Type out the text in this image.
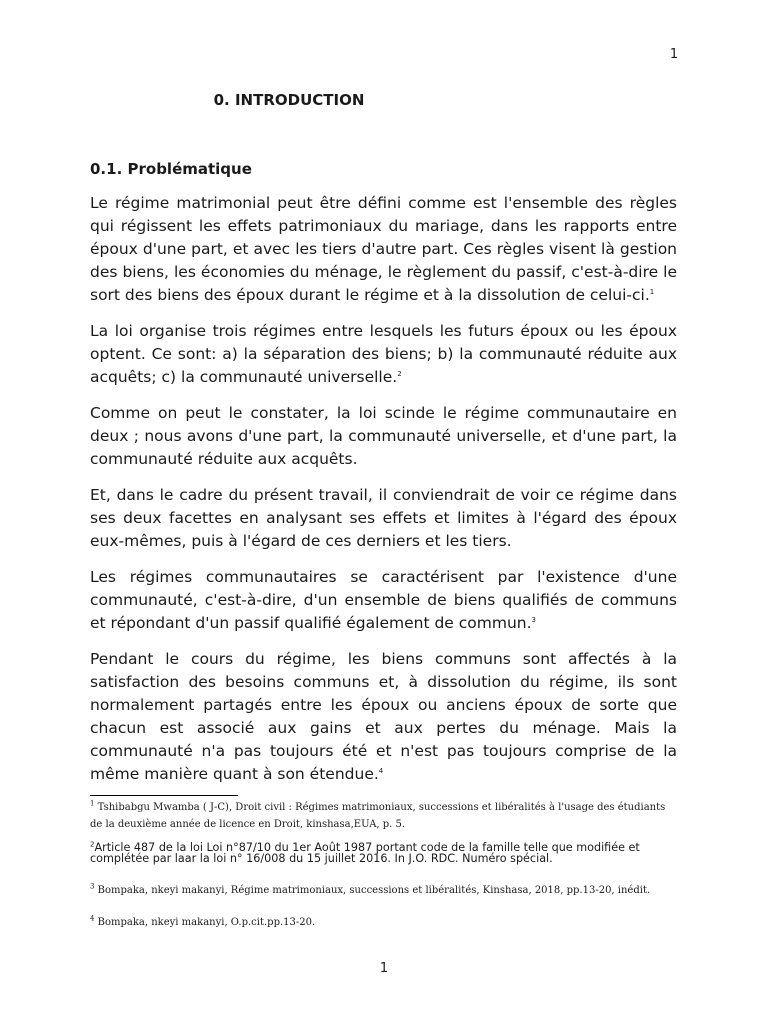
1
0. INTRODUCTION
0.1. Problématique

Le régime matrimonial peut être défini comme est l'ensemble des règles qui régissent les effets patrimoniaux du mariage, dans les rapports entre époux d'une part, et avec les tiers d'autre part. Ces règles visent là gestion des biens, les économies du ménage, le règlement du passif, c'est-à-dire le sort des biens des époux durant le régime et à la dissolution de celui-ci.$^1$

La loi organise trois régimes entre lesquels les futurs époux ou les époux optent. Ce sont: a) la séparation des biens; b) la communauté réduite aux acquêts; c) la communauté universelle.$^2$

Comme on peut le constater, la loi scinde le régime communautaire en deux ; nous avons d'une part, la communauté universelle, et d'une part, la communauté réduite aux acquêts.

Et, dans le cadre du présent travail, il conviendrait de voir ce régime dans ses deux facettes en analysant ses effets et limites à l'égard des époux eux-mêmes, puis à l'égard de ces derniers et les tiers.

Les régimes communautaires se caractérisent par l'existence d'une communauté, c'est-à-dire, d'un ensemble de biens qualifiés de communs et répondant d'un passif qualifié également de commun.$^3$

Pendant le cours du régime, les biens communs sont affectés à la satisfaction des besoins communs et, à dissolution du régime, ils sont normalement partagés entre les époux ou anciens époux de sorte que chacun est associé aux gains et aux pertes du ménage. Mais la communauté n'a pas toujours été et n'est pas toujours comprise de la même manière quant à son étendue.$^4$

$^1$ Tshibabgu Mwamba ( J-C), Droit civil : Régimes matrimoniaux, successions et libéralités à l'usage des étudiants de la deuxième année de licence en Droit, kinshasa,EUA, p. 5.
$^2$Article 487 de la loi Loi n°87/10 du 1er Août 1987 portant code de la famille telle que modifiée et complétée par laar la loi n° 16/008 du 15 juillet 2016. In J.O. RDC. Numéro spécial.
$^3$ Bompaka, nkeyi makanyi, Régime matrimoniaux, successions et libéralités, Kinshasa, 2018, pp.13-20, inédit.
$^4$ Bompaka, nkeyi makanyi, O.p.cit.pp.13-20.
1
